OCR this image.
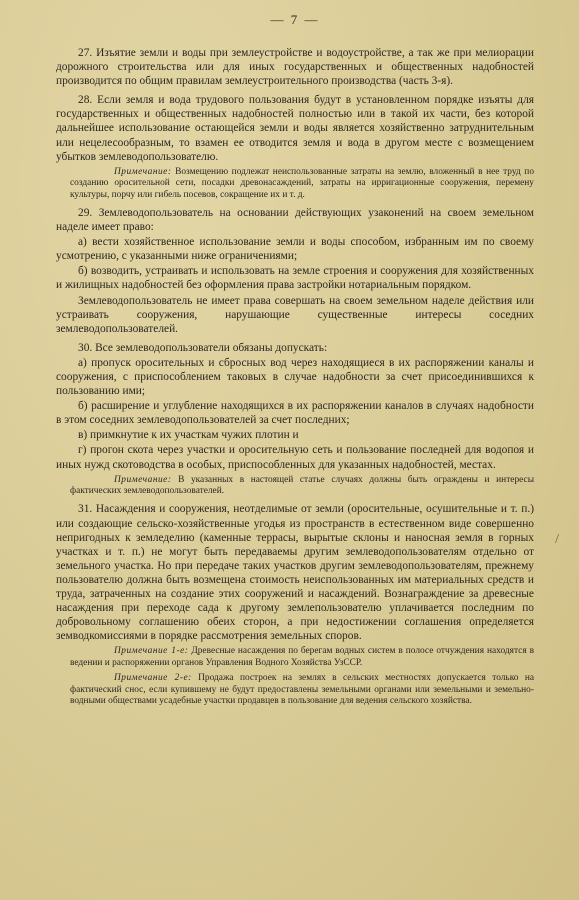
— 7 —

27. Изъятие земли и воды при землеустройстве и водоустройстве, а так же при мелиорации дорожного строительства или для иных государственных и общественных надобностей производится по общим правилам землеустроительного производства (часть 3-я).

28. Если земля и вода трудового пользования будут в установленном порядке изъяты для государственных и общественных надобностей полностью или в такой их части, без которой дальнейшее использование остающейся земли и воды является хозяйственно затруднительным или нецелесообразным, то взамен ее отводится земля и вода в другом месте с возмещением убытков землеводопользователю.

Примечание: Возмещению подлежат неиспользованные затраты на землю, вложенный в нее труд по созданию оросительной сети, посадки древонасаждений, затраты на ирригационные сооружения, перемену культуры, порчу или гибель посевов, сокращение их и т. д.

29. Землеводопользователь на основании действующих узаконений на своем земельном наделе имеет право:

а) вести хозяйственное использование земли и воды способом, избранным им по своему усмотрению, с указанными ниже ограничениями;

б) возводить, устраивать и использовать на земле строения и сооружения для хозяйственных и жилищных надобностей без оформления права застройки нотариальным порядком.

Землеводопользователь не имеет права совершать на своем земельном наделе действия или устраивать сооружения, нарушающие существенные интересы соседних землеводопользователей.

30. Все землеводопользователи обязаны допускать:

а) пропуск оросительных и сбросных вод через находящиеся в их распоряжении каналы и сооружения, с приспособлением таковых в случае надобности за счет присоединившихся к пользованию ими;

б) расширение и углубление находящихся в их распоряжении каналов в случаях надобности в этом соседних землеводопользователей за счет последних;

в) примкнутие к их участкам чужих плотин и

г) прогон скота через участки и оросительную сеть и пользование последней для водопоя и иных нужд скотоводства в особых, приспособленных для указанных надобностей, местах.

Примечание: В указанных в настоящей статье случаях должны быть ограждены и интересы фактических землеводопользователей.

31. Насаждения и сооружения, неотделимые от земли (оросительные, осушительные и т. п.) или создающие сельско-хозяйственные угодья из пространств в естественном виде совершенно непригодных к земледелию (каменные террасы, вырытые склоны и наносная земля в горных участках и т. п.) не могут быть передаваемы другим землеводопользователям отдельно от земельного участка. Но при передаче таких участков другим землеводопользователям, прежнему пользователю должна быть возмещена стоимость неиспользованных им материальных средств и труда, затраченных на создание этих сооружений и насаждений. Вознаграждение за древесные насаждения при переходе сада к другому землепользователю уплачивается последним по добровольному соглашению обеих сторон, а при недостижении соглашения определяется земводкомиссиями в порядке рассмотрения земельных споров.

Примечание 1-е: Древесные насаждения по берегам водных систем в полосе отчуждения находятся в ведении и распоряжении органов Управления Водного Хозяйства УзССР.

Примечание 2-е: Продажа построек на землях в сельских местностях допускается только на фактический снос, если купившему не будут предоставлены земельными органами или земельными и земельно-водными обществами усадебные участки продавцев в пользование для ведения сельского хозяйства.

/
